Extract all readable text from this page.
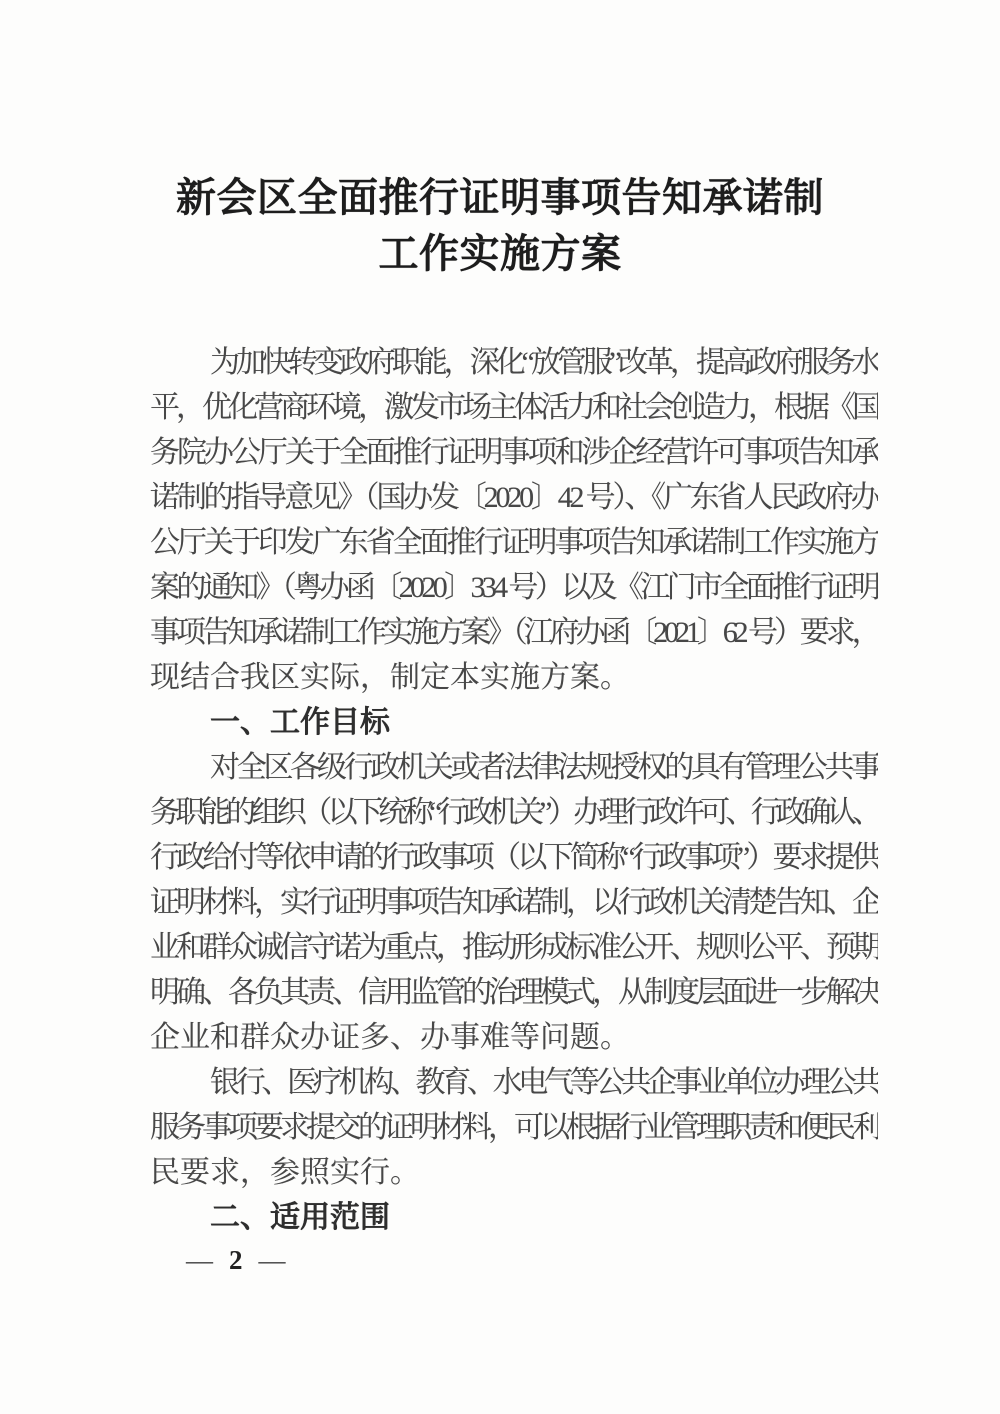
新会区全面推行证明事项告知承诺制
工作实施方案
为加快转变政府职能，深化“放管服”改革，提高政府服务水
平，优化营商环境，激发市场主体活力和社会创造力，根据《国
务院办公厅关于全面推行证明事项和涉企经营许可事项告知承
诺制的指导意见》（国办发〔2020〕42 号）、《广东省人民政府办
公厅关于印发广东省全面推行证明事项告知承诺制工作实施方
案的通知》（粤办函〔2020〕334 号）以及《江门市全面推行证明
事项告知承诺制工作实施方案》（江府办函〔2021〕62 号）要求，
现结合我区实际，制定本实施方案。
一、工作目标
对全区各级行政机关或者法律法规授权的具有管理公共事
务职能的组织（以下统称“行政机关”）办理行政许可、行政确认、
行政给付等依申请的行政事项（以下简称“行政事项”）要求提供
证明材料，实行证明事项告知承诺制，以行政机关清楚告知、企
业和群众诚信守诺为重点，推动形成标准公开、规则公平、预期
明确、各负其责、信用监管的治理模式，从制度层面进一步解决
企业和群众办证多、办事难等问题。
银行、医疗机构、教育、水电气等公共企事业单位办理公共
服务事项要求提交的证明材料，可以根据行业管理职责和便民利
民要求，参照实行。
二、适用范围
— 2 —
